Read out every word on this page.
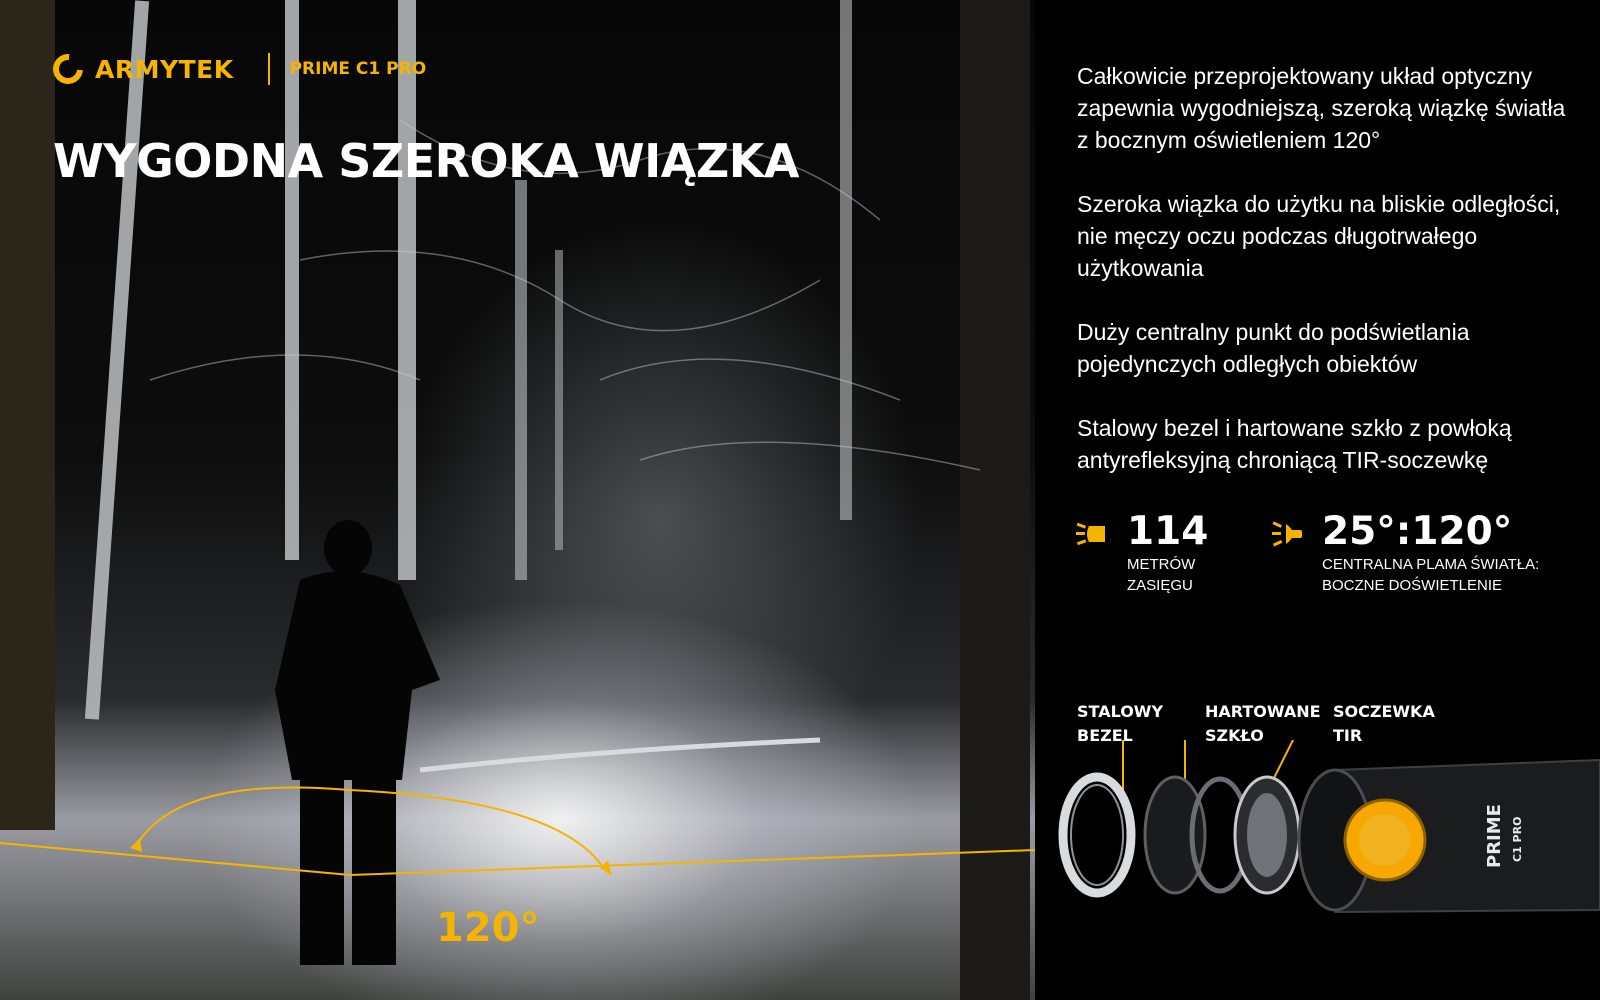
ARMYTEK	PRIME C1 PRO
WYGODNA SZEROKA WIĄZKA
120°

Całkowicie przeprojektowany układ optyczny zapewnia wygodniejszą, szeroką wiązkę światła z bocznym oświetleniem 120°

Szeroka wiązka do użytku na bliskie odległości, nie męczy oczu podczas długotrwałego użytkowania

Duży centralny punkt do podświetlania pojedynczych odległych obiektów

Stalowy bezel i hartowane szkło z powłoką antyrefleksyjną chroniącą TIR-soczewkę

114
METRÓW
ZASIĘGU
25°:120°
CENTRALNA PLAMA ŚWIATŁA:
BOCZNE DOŚWIETLENIE
STALOWY
BEZEL
HARTOWANE
SZKŁO
SOCZEWKA
TIR
PRIME C1 PRO
